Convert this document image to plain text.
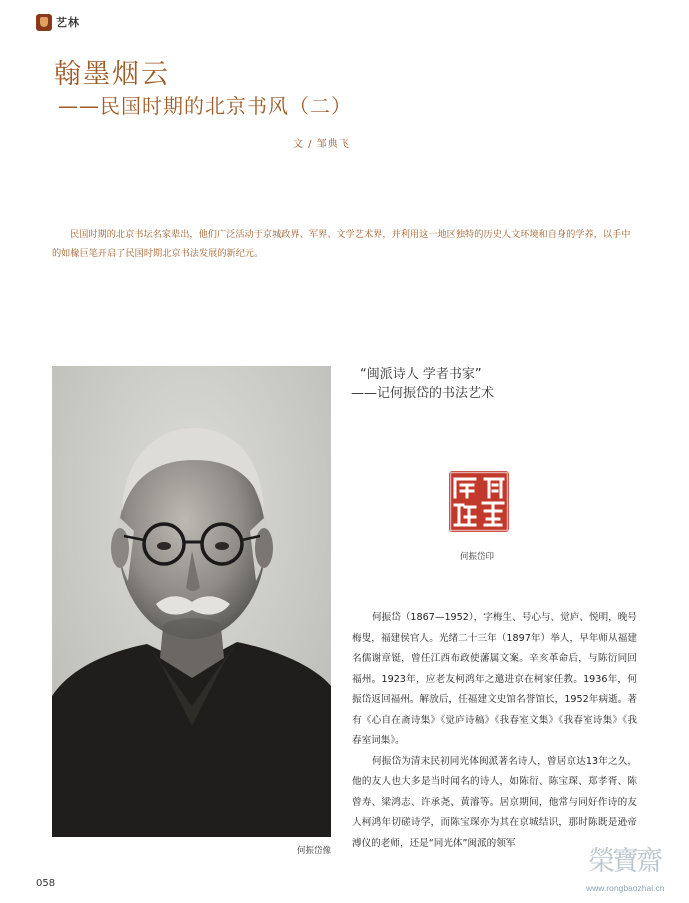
艺林
翰墨烟云
——民国时期的北京书风（二）
文 / 邹典飞

民国时期的北京书坛名家辈出，他们广泛活动于京城政界、军界、文学艺术界，并利用这一地区独特的历史人文环境和自身的学养，以手中的如椽巨笔开启了民国时期北京书法发展的新纪元。

何振岱像
“闽派诗人 学者书家”
——记何振岱的书法艺术
何振岱印

何振岱（1867—1952），字梅生、号心与、觉庐、悦明，晚号梅叟，福建侯官人。光绪二十三年（1897年）举人，早年师从福建名儒谢章铤，曾任江西布政使藩属文案。辛亥革命后，与陈衍同回福州。1923年，应老友柯鸿年之邀进京在柯家任教。1936年，何振岱返回福州。解放后，任福建文史馆名誉馆长，1952年病逝。著有《心自在斋诗集》《觉庐诗稿》《我春室文集》《我春室诗集》《我春室词集》。

何振岱为清末民初同光体闽派著名诗人，曾居京达13年之久，他的友人也大多是当时闻名的诗人，如陈衍、陈宝琛、郑孝胥、陈曾寿、梁鸿志、许承尧、黄濬等。居京期间，他常与同好作诗的友人柯鸿年切磋诗学，而陈宝琛亦为其在京城结识，那时陈既是逊帝溥仪的老师，还是“同光体”闽派的领军

058
榮寶齋
www.rongbaozhai.cn
